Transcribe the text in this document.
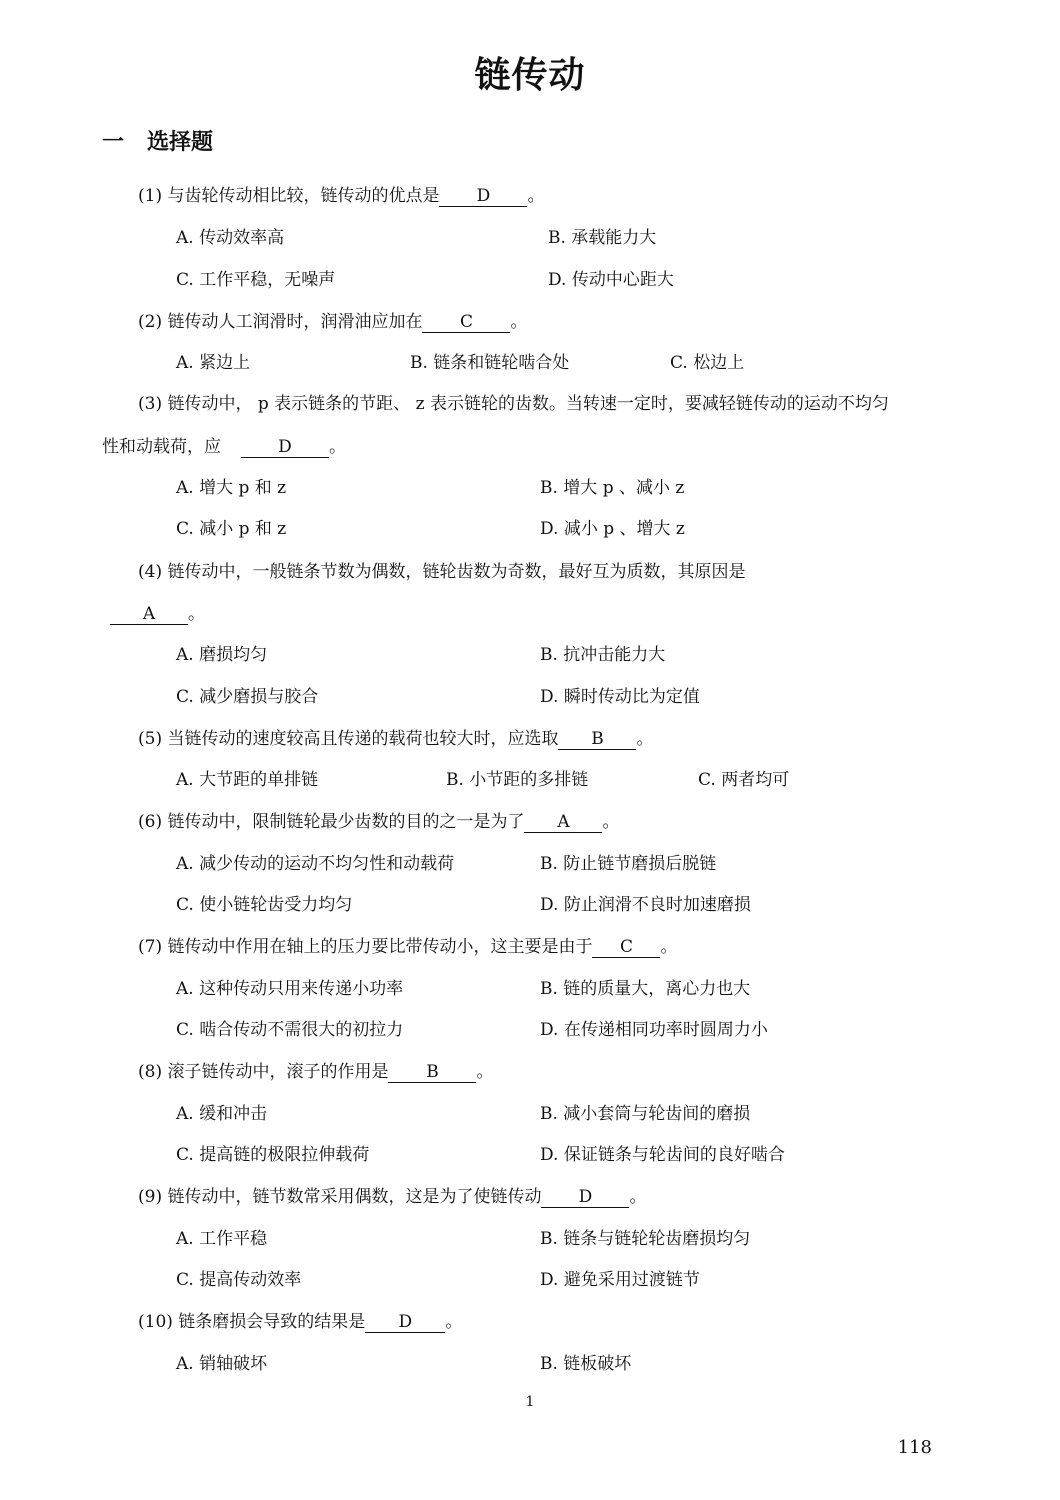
链传动
一 选择题
(1) 与齿轮传动相比较，链传动的优点是 D 。
A. 传动效率高	B. 承载能力大
C. 工作平稳，无噪声	D. 传动中心距大
(2) 链传动人工润滑时，润滑油应加在 C 。
A. 紧边上	B. 链条和链轮啮合处	C. 松边上
(3) 链传动中， p 表示链条的节距、 z 表示链轮的齿数。当转速一定时，要减轻链传动的运动不均匀
性和动载荷，应	D 。
A. 增大 p 和 z	B. 增大 p 、减小 z
C. 减小 p 和 z	D. 减小 p 、增大 z
(4) 链传动中，一般链条节数为偶数，链轮齿数为奇数，最好互为质数，其原因是
A 。
A. 磨损均匀	B. 抗冲击能力大
C. 减少磨损与胶合	D. 瞬时传动比为定值
(5) 当链传动的速度较高且传递的载荷也较大时，应选取 B 。
A. 大节距的单排链	B. 小节距的多排链	C. 两者均可
(6) 链传动中，限制链轮最少齿数的目的之一是为了 A 。
A. 减少传动的运动不均匀性和动载荷	B. 防止链节磨损后脱链
C. 使小链轮齿受力均匀	D. 防止润滑不良时加速磨损
(7) 链传动中作用在轴上的压力要比带传动小，这主要是由于 C 。
A. 这种传动只用来传递小功率	B. 链的质量大，离心力也大
C. 啮合传动不需很大的初拉力	D. 在传递相同功率时圆周力小
(8) 滚子链传动中，滚子的作用是 B 。
A. 缓和冲击	B. 减小套筒与轮齿间的磨损
C. 提高链的极限拉伸载荷	D. 保证链条与轮齿间的良好啮合
(9) 链传动中，链节数常采用偶数，这是为了使链传动 D 。
A. 工作平稳	B. 链条与链轮轮齿磨损均匀
C. 提高传动效率	D. 避免采用过渡链节
(10) 链条磨损会导致的结果是 D 。
A. 销轴破坏	B. 链板破坏
1
118
